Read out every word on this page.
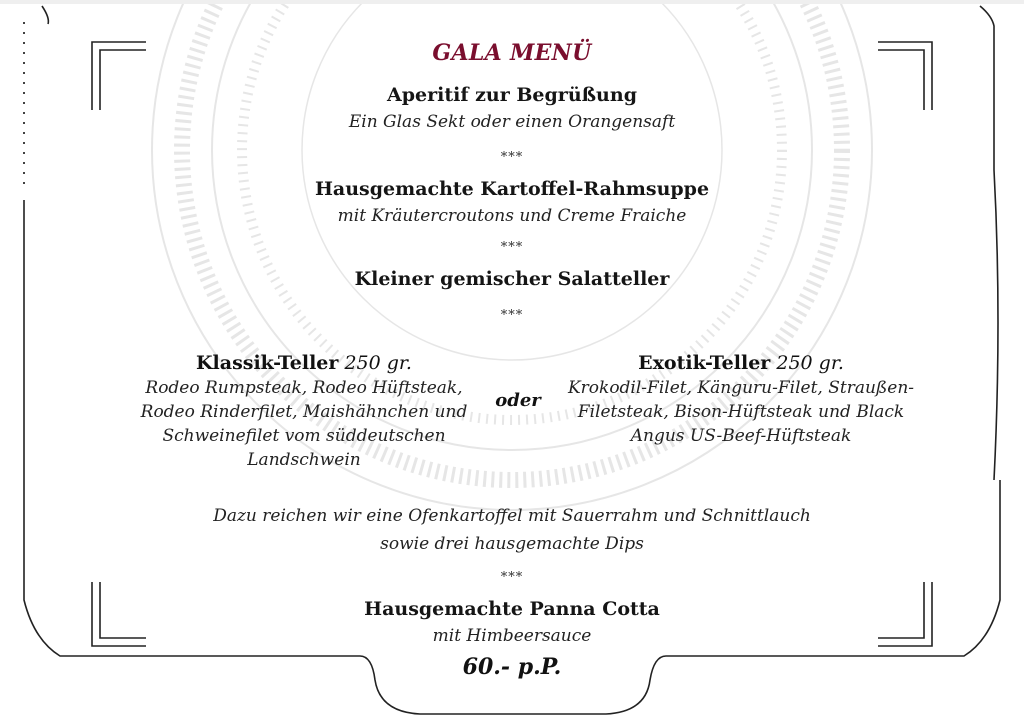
GALA MENÜ
Aperitif zur Begrüßung
Ein Glas Sekt oder einen Orangensaft
***
Hausgemachte Kartoffel-Rahmsuppe
mit Kräutercroutons und Creme Fraiche
***
Kleiner gemischer Salatteller
***
Klassik-Teller 250 gr.
Rodeo Rumpsteak, Rodeo Hüftsteak,
Rodeo Rinderfilet, Maishähnchen und
Schweinefilet vom süddeutschen
Landschwein
oder
Exotik-Teller 250 gr.
Krokodil-Filet, Känguru-Filet, Straußen-
Filetsteak, Bison-Hüftsteak und Black
Angus US-Beef-Hüftsteak
Dazu reichen wir eine Ofenkartoffel mit Sauerrahm und Schnittlauch
sowie drei hausgemachte Dips
***
Hausgemachte Panna Cotta
mit Himbeersauce
60.- p.P.
